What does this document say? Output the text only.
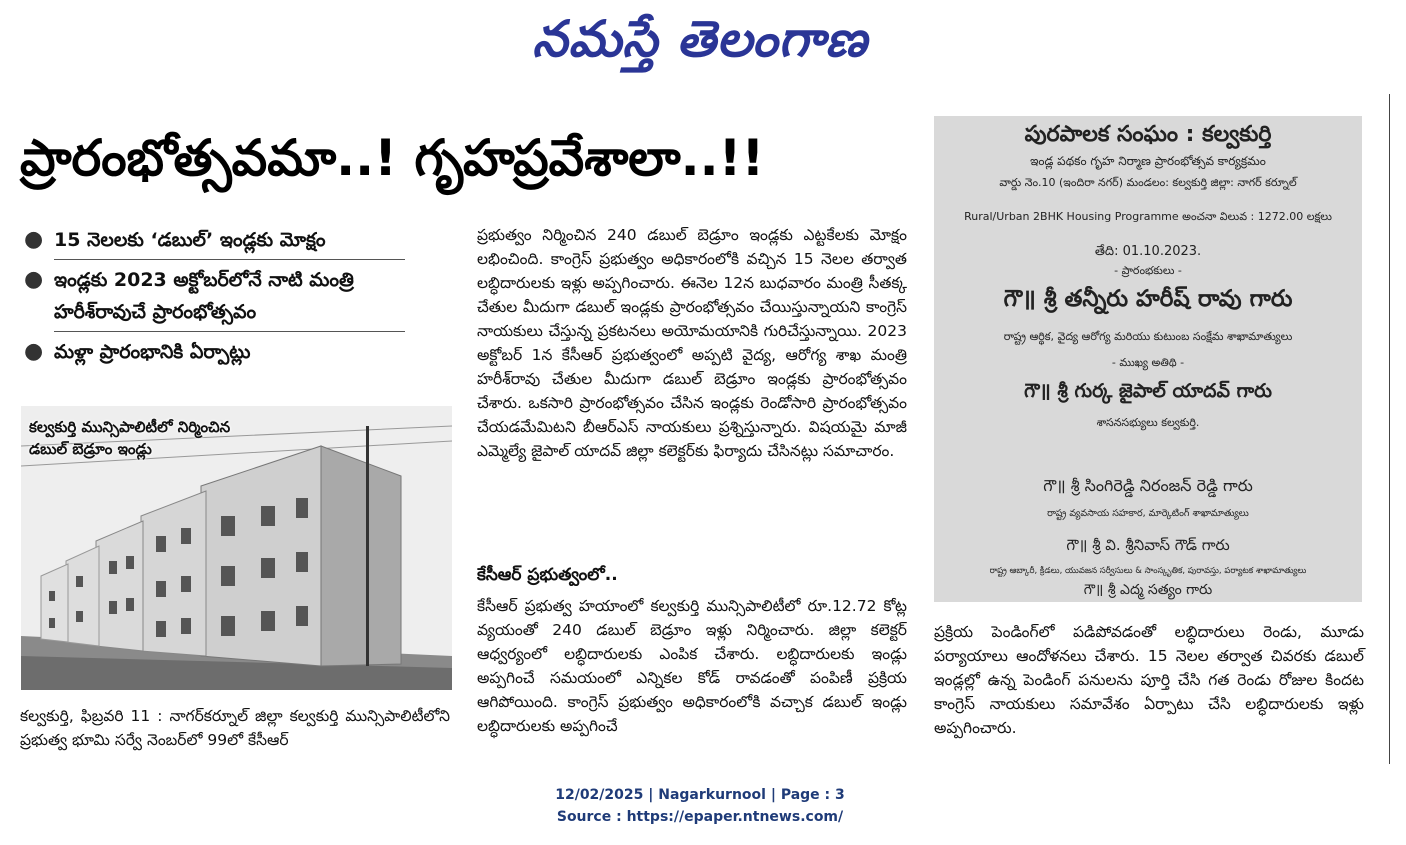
నమస్తే తెలంగాణ
ప్రారంభోత్సవమా..! గృహప్రవేశాలా..!!
● 15 నెలలకు ‘డబుల్’ ఇండ్లకు మోక్షం
● ఇండ్లకు 2023 అక్టోబర్‌లోనే నాటి మంత్రి హరీశ్‌రావుచే ప్రారంభోత్సవం
● మళ్లా ప్రారంభానికి ఏర్పాట్లు
కల్వకుర్తి మున్సిపాలిటీలో నిర్మించిన డబుల్ బెడ్రూం ఇండ్లు
కల్వకుర్తి, ఫిబ్రవరి 11 : నాగర్‌కర్నూల్ జిల్లా కల్వకుర్తి మున్సిపాలిటీలోని ప్రభుత్వ భూమి సర్వే నెంబర్‌లో 99లో కేసీఆర్
ప్రభుత్వం నిర్మించిన 240 డబుల్ బెడ్రూం ఇండ్లకు ఎట్టకేలకు మోక్షం లభించింది. కాంగ్రెస్ ప్రభుత్వం అధికారంలోకి వచ్చిన 15 నెలల తర్వాత లబ్ధిదారులకు ఇళ్లు అప్పగించారు. ఈనెల 12న బుధవారం మంత్రి సీతక్క చేతుల మీదుగా డబుల్ ఇండ్లకు ప్రారంభోత్సవం చేయిస్తున్నాయని కాంగ్రెస్ నాయకులు చేస్తున్న ప్రకటనలు అయోమయానికి గురిచేస్తున్నాయి. 2023 అక్టోబర్ 1న కేసీఆర్ ప్రభుత్వంలో అప్పటి వైద్య, ఆరోగ్య శాఖ మంత్రి హరీశ్‌రావు చేతుల మీదుగా డబుల్ బెడ్రూం ఇండ్లకు ప్రారంభోత్సవం చేశారు. ఒకసారి ప్రారంభోత్సవం చేసిన ఇండ్లకు రెండోసారి ప్రారంభోత్సవం చేయడమేమిటని బీఆర్‌ఎస్ నాయకులు ప్రశ్నిస్తున్నారు. విషయమై మాజీ ఎమ్మెల్యే జైపాల్ యాదవ్ జిల్లా కలెక్టర్‌కు ఫిర్యాదు చేసినట్లు సమాచారం.
కేసీఆర్ ప్రభుత్వంలో..
కేసీఆర్ ప్రభుత్వ హయాంలో కల్వకుర్తి మున్సిపాలిటీలో రూ.12.72 కోట్ల వ్యయంతో 240 డబుల్ బెడ్రూం ఇళ్లు నిర్మించారు. జిల్లా కలెక్టర్ ఆధ్వర్యంలో లబ్ధిదారులకు ఎంపిక చేశారు. లబ్ధిదారులకు ఇండ్లు అప్పగించే సమయంలో ఎన్నికల కోడ్ రావడంతో పంపిణీ ప్రక్రియ ఆగిపోయింది. కాంగ్రెస్ ప్రభుత్వం అధికారంలోకి వచ్చాక డబుల్ ఇండ్లు లబ్ధిదారులకు అప్పగించే
పురపాలక సంఘం : కల్వకుర్తి
ఇండ్ల పథకం గృహ నిర్మాణ ప్రారంభోత్సవ కార్యక్రమం
వార్డు నెం.10 (ఇందిరా నగర్) మండలం: కల్వకుర్తి జిల్లా: నాగర్ కర్నూల్
Rural/Urban 2BHK Housing Programme అంచనా విలువ : 1272.00 లక్షలు
తేది: 01.10.2023.
- ప్రారంభకులు -
గౌ॥ శ్రీ తన్నీరు హరీష్ రావు గారు
రాష్ట్ర ఆర్థిక, వైద్య ఆరోగ్య మరియు కుటుంబ సంక్షేమ శాఖామాత్యులు
- ముఖ్య అతిథి -
గౌ॥ శ్రీ గుర్క జైపాల్ యాదవ్ గారు
శాసనసభ్యులు కల్వకుర్తి.
గౌ॥ శ్రీ సింగిరెడ్డి నిరంజన్ రెడ్డి గారు
రాష్ట్ర వ్యవసాయ సహకార, మార్కెటింగ్ శాఖామాత్యులు
గౌ॥ శ్రీ వి. శ్రీనివాస్ గౌడ్ గారు
రాష్ట్ర ఆబ్కారీ, క్రీడలు, యువజన సర్వీసులు & సాంస్కృతిక, పురావస్తు, పర్యాటక శాఖామాత్యులు
గౌ॥ శ్రీ ఎద్మ సత్యం గారు
ప్రక్రియ పెండింగ్‌లో పడిపోవడంతో లబ్ధిదారులు రెండు, మూడు పర్యాయాలు ఆందోళనలు చేశారు. 15 నెలల తర్వాత చివరకు డబుల్ ఇండ్లల్లో ఉన్న పెండింగ్ పనులను పూర్తి చేసి గత రెండు రోజుల కిందట కాంగ్రెస్ నాయకులు సమావేశం ఏర్పాటు చేసి లబ్ధిదారులకు ఇళ్లు అప్పగించారు.
12/02/2025 | Nagarkurnool | Page : 3
Source : https://epaper.ntnews.com/
